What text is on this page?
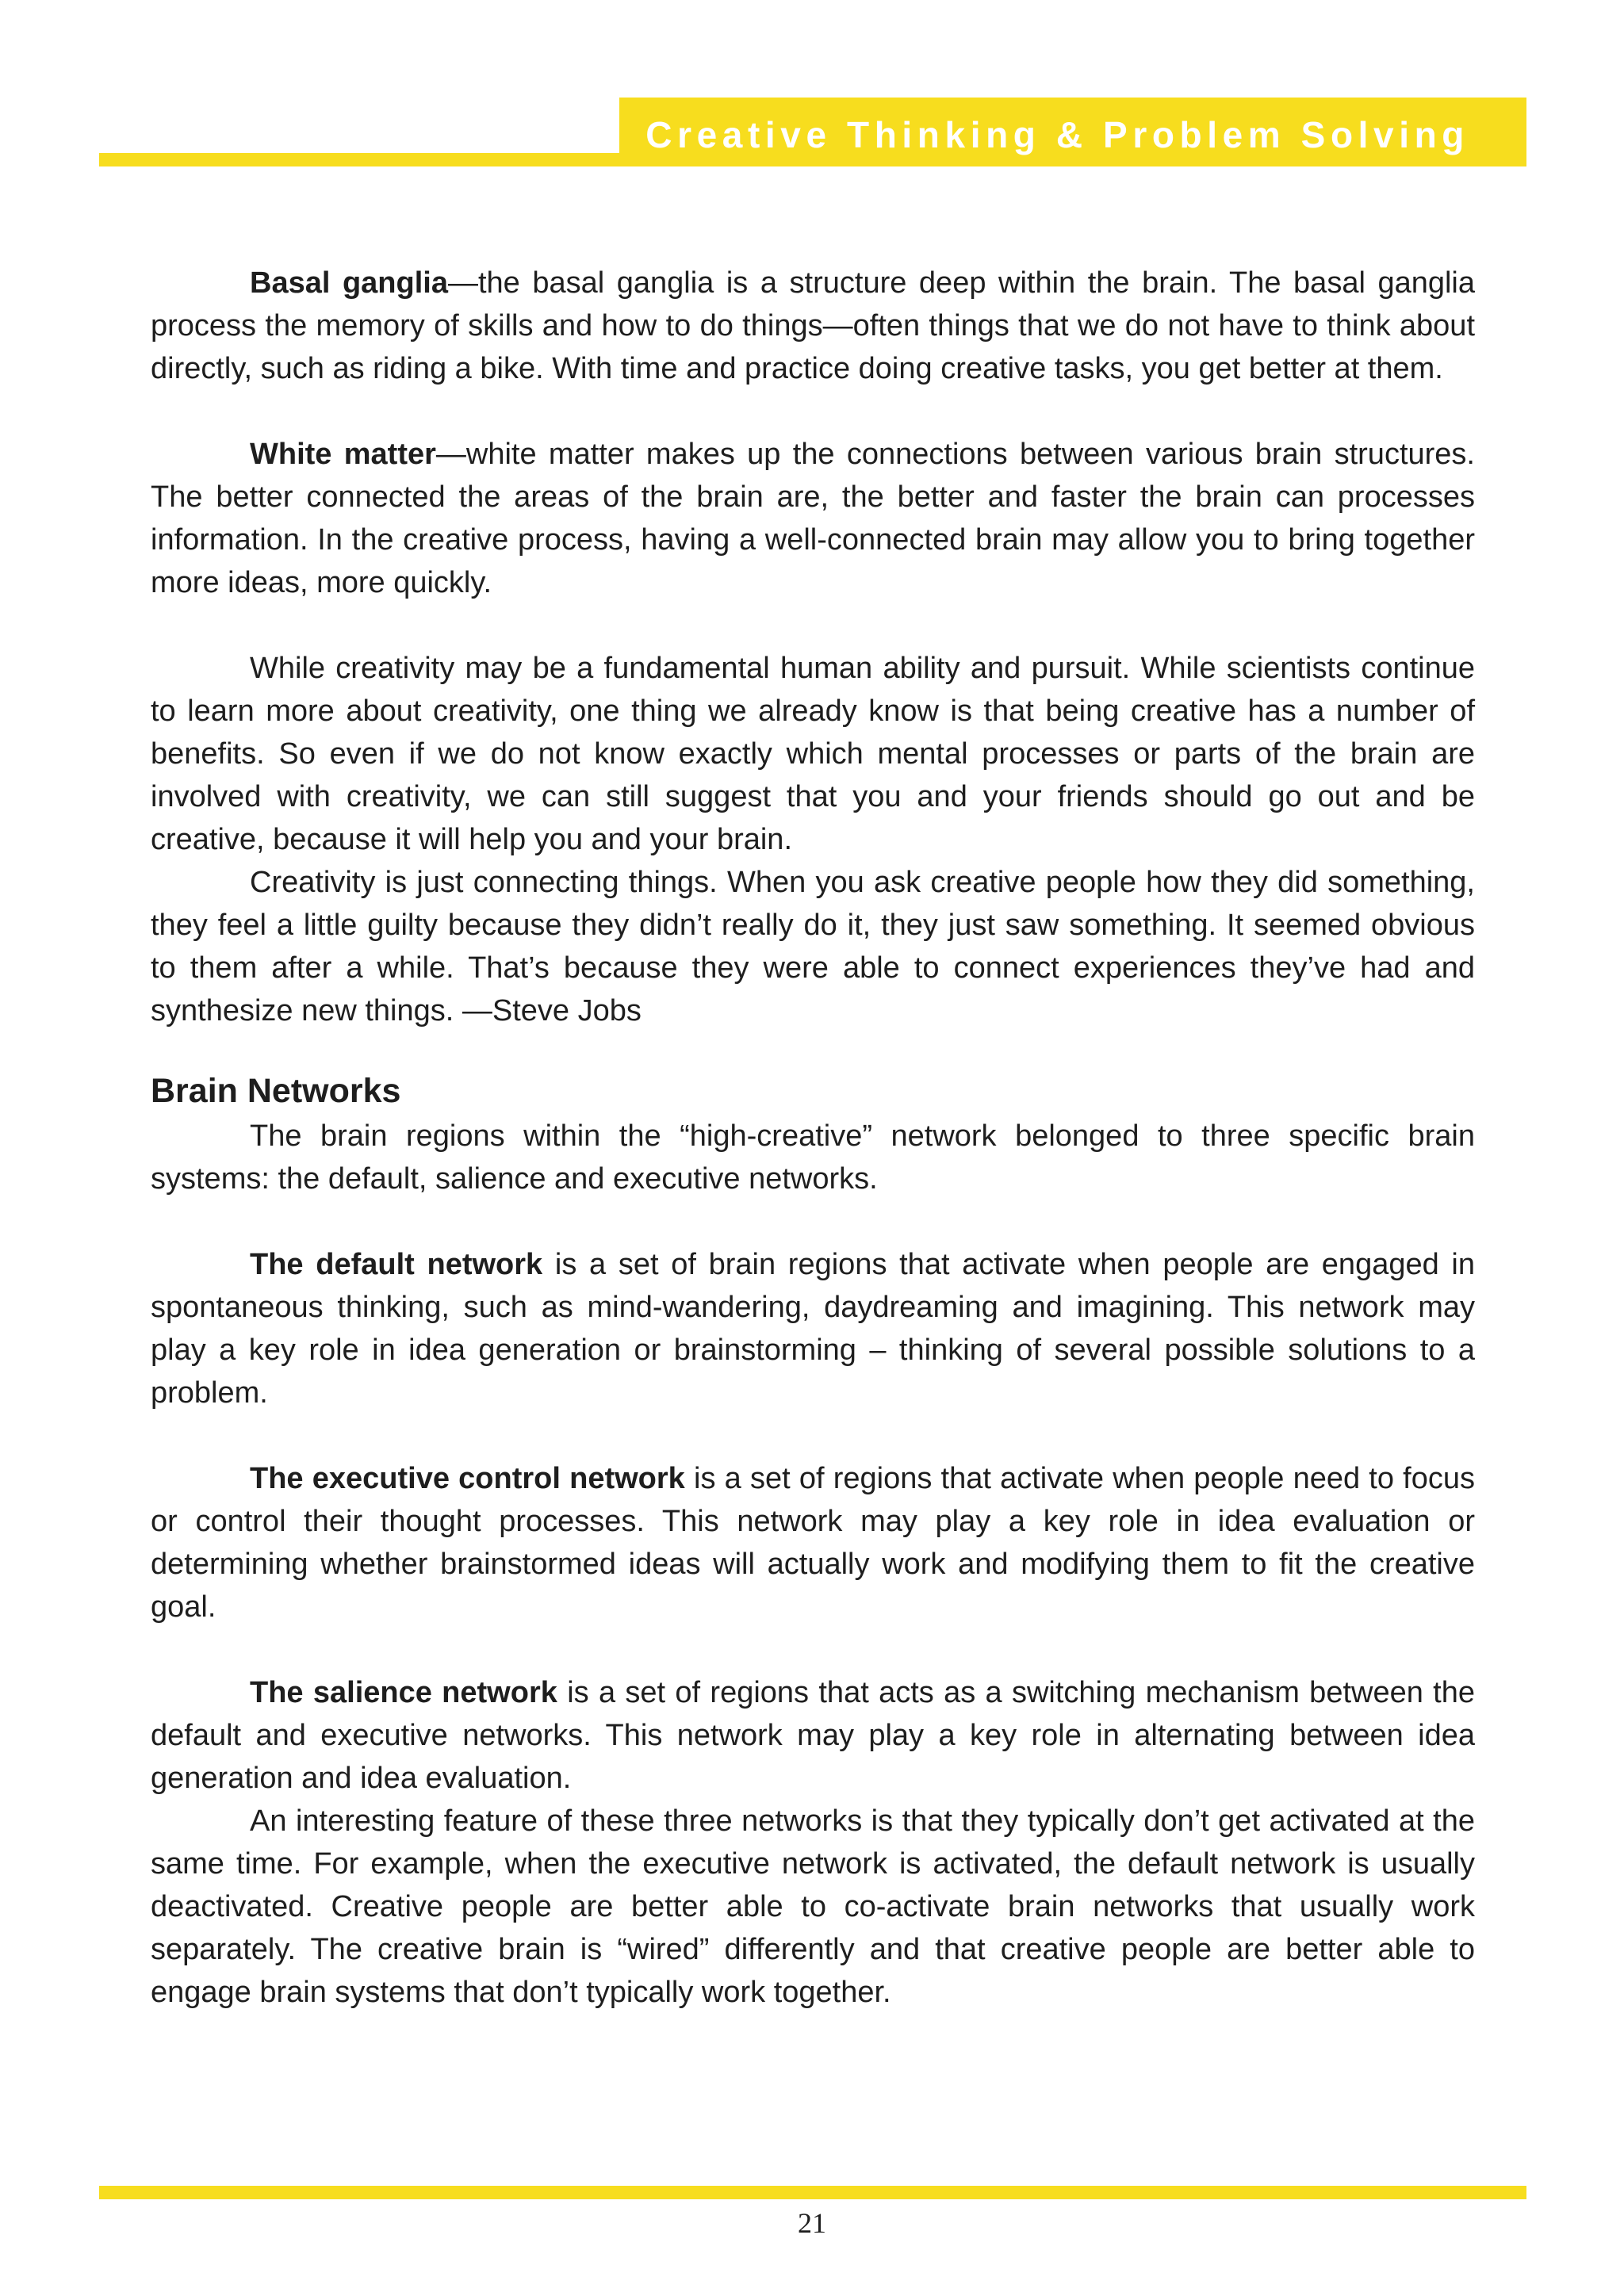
Creative Thinking & Problem Solving

Basal ganglia—the basal ganglia is a structure deep within the brain. The basal ganglia process the memory of skills and how to do things—often things that we do not have to think about directly, such as riding a bike. With time and practice doing creative tasks, you get better at them.

White matter—white matter makes up the connections between various brain structures. The better connected the areas of the brain are, the better and faster the brain can processes information. In the creative process, having a well-connected brain may allow you to bring together more ideas, more quickly.

While creativity may be a fundamental human ability and pursuit. While scientists continue to learn more about creativity, one thing we already know is that being creative has a number of benefits. So even if we do not know exactly which mental processes or parts of the brain are involved with creativity, we can still suggest that you and your friends should go out and be creative, because it will help you and your brain.

Creativity is just connecting things. When you ask creative people how they did something, they feel a little guilty because they didn’t really do it, they just saw something. It seemed obvious to them after a while. That’s because they were able to connect experiences they’ve had and synthesize new things. —Steve Jobs

Brain Networks

The brain regions within the “high-creative” network belonged to three specific brain systems: the default, salience and executive networks.

The default network is a set of brain regions that activate when people are engaged in spontaneous thinking, such as mind-wandering, daydreaming and imagining. This network may play a key role in idea generation or brainstorming – thinking of several possible solutions to a problem.

The executive control network is a set of regions that activate when people need to focus or control their thought processes. This network may play a key role in idea evaluation or determining whether brainstormed ideas will actually work and modifying them to fit the creative goal.

The salience network is a set of regions that acts as a switching mechanism between the default and executive networks. This network may play a key role in alternating between idea generation and idea evaluation.

An interesting feature of these three networks is that they typically don’t get activated at the same time. For example, when the executive network is activated, the default network is usually deactivated. Creative people are better able to co-activate brain networks that usually work separately. The creative brain is “wired” differently and that creative people are better able to engage brain systems that don’t typically work together.

21
